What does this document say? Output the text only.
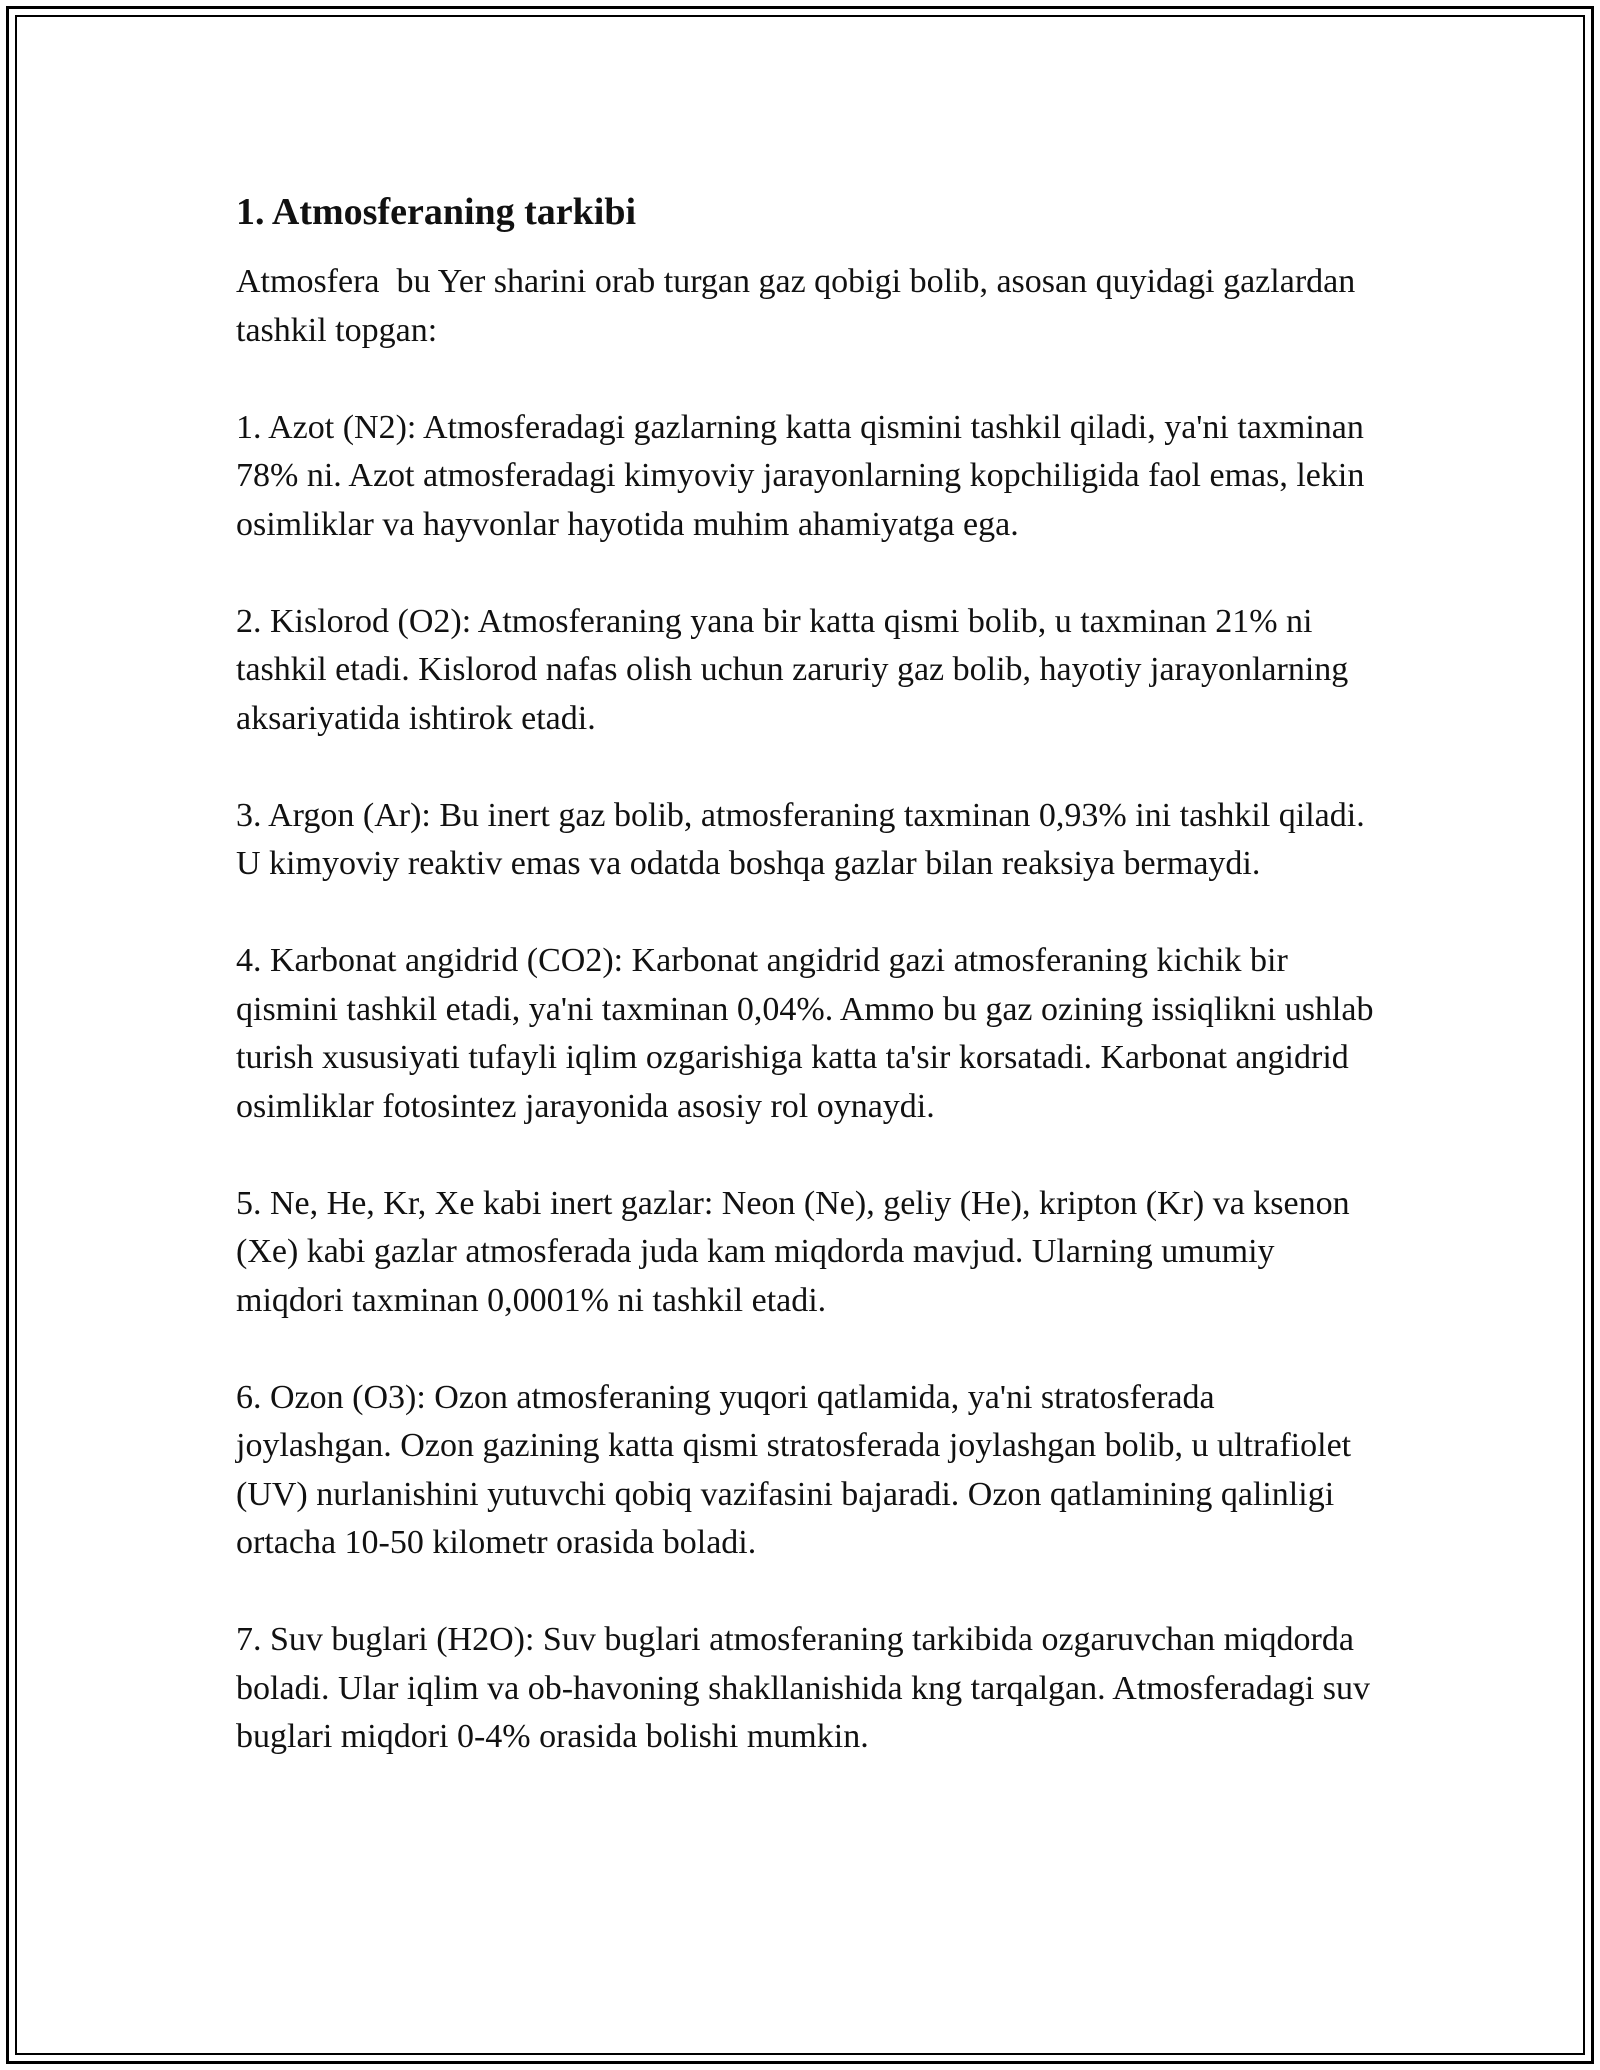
1. Atmosferaning tarkibi

Atmosfera  bu Yer sharini orab turgan gaz qobigi bolib, asosan quyidagi gazlardan tashkil topgan:

1. Azot (N2): Atmosferadagi gazlarning katta qismini tashkil qiladi, ya'ni taxminan 78% ni. Azot atmosferadagi kimyoviy jarayonlarning kopchiligida faol emas, lekin osimliklar va hayvonlar hayotida muhim ahamiyatga ega.

2. Kislorod (O2): Atmosferaning yana bir katta qismi bolib, u taxminan 21% ni tashkil etadi. Kislorod nafas olish uchun zaruriy gaz bolib, hayotiy jarayonlarning aksariyatida ishtirok etadi.

3. Argon (Ar): Bu inert gaz bolib, atmosferaning taxminan 0,93% ini tashkil qiladi. U kimyoviy reaktiv emas va odatda boshqa gazlar bilan reaksiya bermaydi.

4. Karbonat angidrid (CO2): Karbonat angidrid gazi atmosferaning kichik bir qismini tashkil etadi, ya'ni taxminan 0,04%. Ammo bu gaz ozining issiqlikni ushlab turish xususiyati tufayli iqlim ozgarishiga katta ta'sir korsatadi. Karbonat angidrid osimliklar fotosintez jarayonida asosiy rol oynaydi.

5. Ne, He, Kr, Xe kabi inert gazlar: Neon (Ne), geliy (He), kripton (Kr) va ksenon (Xe) kabi gazlar atmosferada juda kam miqdorda mavjud. Ularning umumiy miqdori taxminan 0,0001% ni tashkil etadi.

6. Ozon (O3): Ozon atmosferaning yuqori qatlamida, ya'ni stratosferada joylashgan. Ozon gazining katta qismi stratosferada joylashgan bolib, u ultrafiolet (UV) nurlanishini yutuvchi qobiq vazifasini bajaradi. Ozon qatlamining qalinligi ortacha 10-50 kilometr orasida boladi.

7. Suv buglari (H2O): Suv buglari atmosferaning tarkibida ozgaruvchan miqdorda boladi. Ular iqlim va ob-havoning shakllanishida kng tarqalgan. Atmosferadagi suv buglari miqdori 0-4% orasida bolishi mumkin.
